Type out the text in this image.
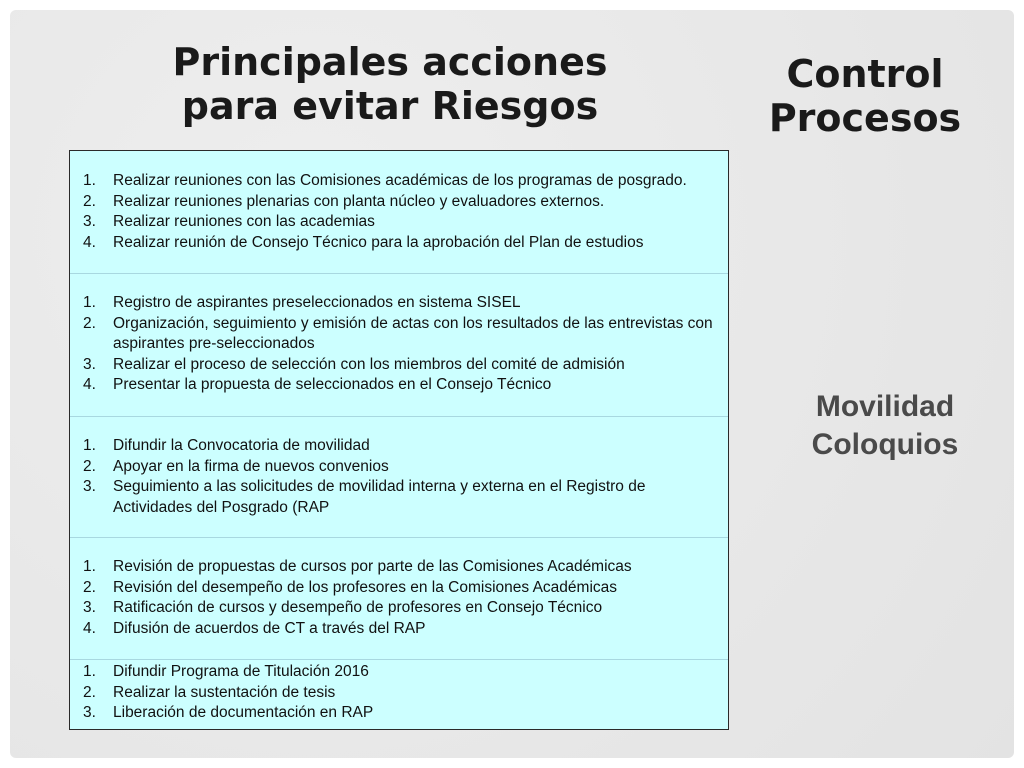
Principales acciones
para evitar Riesgos
Control
Procesos
Movilidad
Coloquios
1. Realizar reuniones con las Comisiones académicas de los programas de posgrado.
2. Realizar reuniones plenarias con planta núcleo y evaluadores externos.
3. Realizar reuniones con las academias
4. Realizar reunión de Consejo Técnico para la aprobación del Plan de estudios
1. Registro de aspirantes preseleccionados en sistema SISEL
2. Organización, seguimiento y emisión de actas con los resultados de las entrevistas con aspirantes pre-seleccionados
3. Realizar el proceso de selección con los miembros del comité de admisión
4. Presentar la propuesta de seleccionados en el Consejo Técnico
1. Difundir la Convocatoria de movilidad
2. Apoyar en la firma de nuevos convenios
3. Seguimiento a las solicitudes de movilidad interna y externa en el Registro de Actividades del Posgrado (RAP
1. Revisión de propuestas de cursos por parte de las Comisiones Académicas
2. Revisión del desempeño de los profesores en la Comisiones Académicas
3. Ratificación de cursos y desempeño de profesores en Consejo Técnico
4. Difusión de acuerdos de CT a través del RAP
1. Difundir Programa de Titulación 2016
2. Realizar la sustentación de tesis
3. Liberación de documentación en RAP
